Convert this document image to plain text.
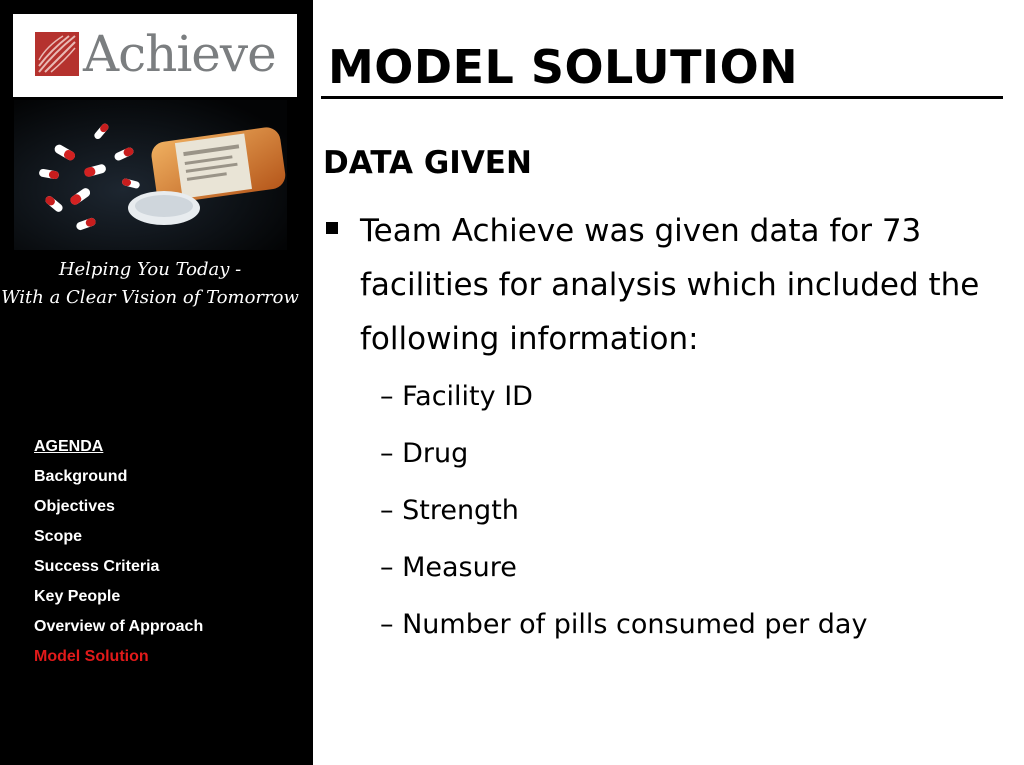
Achieve
Helping You Today -
With a Clear Vision of Tomorrow
AGENDA
Background
Objectives
Scope
Success Criteria
Key People
Overview of Approach
Model Solution
MODEL SOLUTION
DATA GIVEN
Team Achieve was given data for 73 facilities for analysis which included the following information:
– Facility ID
– Drug
– Strength
– Measure
– Number of pills consumed per day
